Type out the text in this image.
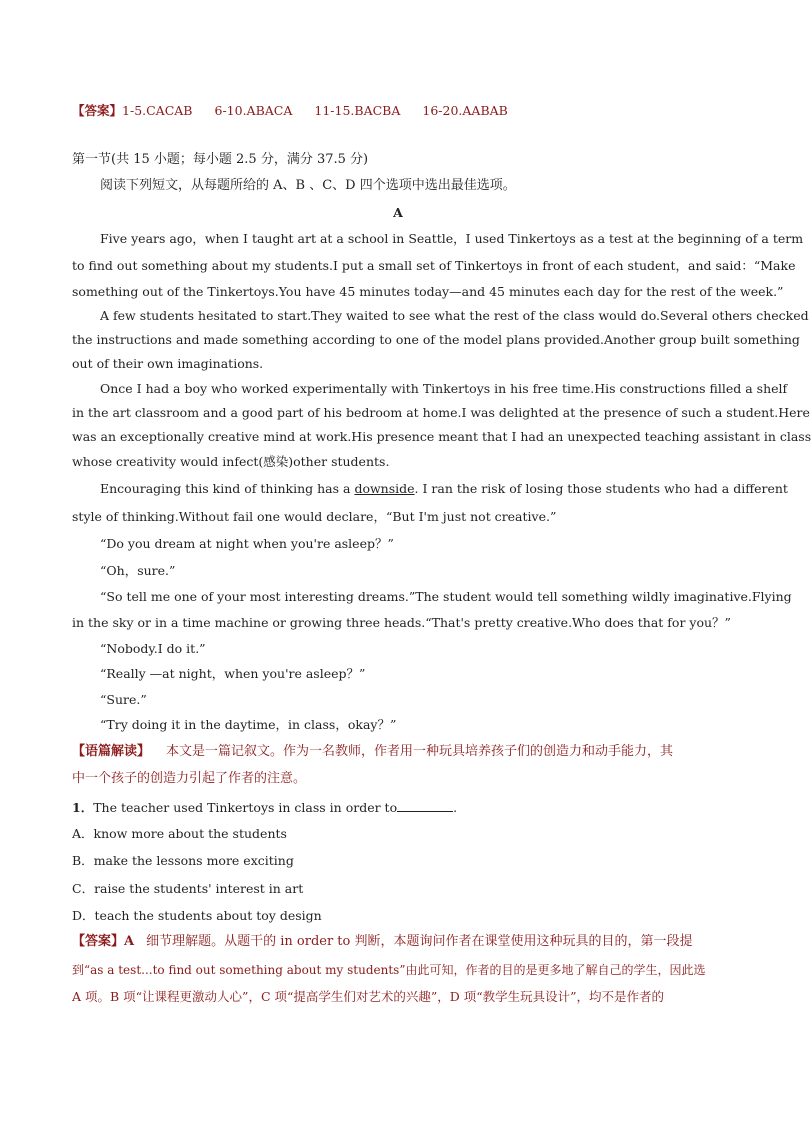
【答案】1-5.CACAB 6-10.ABACA 11-15.BACBA 16-20.AABAB
第一节(共 15 小题；每小题 2.5 分，满分 37.5 分)
阅读下列短文，从每题所给的 A、B 、C、D 四个选项中选出最佳选项。
A
Five years ago，when I taught art at a school in Seattle，I used Tinkertoys as a test at the beginning of a term
to find out something about my students.I put a small set of Tinkertoys in front of each student，and said：“Make
something out of the Tinkertoys.You have 45 minutes today—and 45 minutes each day for the rest of the week.”
A few students hesitated to start.They waited to see what the rest of the class would do.Several others checked
the instructions and made something according to one of the model plans provided.Another group built something
out of their own imaginations.
Once I had a boy who worked experimentally with Tinkertoys in his free time.His constructions filled a shelf
in the art classroom and a good part of his bedroom at home.I was delighted at the presence of such a student.Here
was an exceptionally creative mind at work.His presence meant that I had an unexpected teaching assistant in class
whose creativity would infect(感染)other students.
Encouraging this kind of thinking has a downside. I ran the risk of losing those students who had a different
style of thinking.Without fail one would declare，“But I'm just not creative.”
“Do you dream at night when you're asleep？”
“Oh，sure.”
“So tell me one of your most interesting dreams.”The student would tell something wildly imaginative.Flying
in the sky or in a time machine or growing three heads.“That's pretty creative.Who does that for you？”
“Nobody.I do it.”
“Really —at night，when you're asleep？”
“Sure.”
“Try doing it in the daytime，in class，okay？”
【语篇解读】 本文是一篇记叙文。作为一名教师，作者用一种玩具培养孩子们的创造力和动手能力，其
中一个孩子的创造力引起了作者的注意。
1．The teacher used Tinkertoys in class in order to	.
A．know more about the students
B．make the lessons more exciting
C．raise the students' interest in art
D．teach the students about toy design
【答案】A 细节理解题。从题干的 in order to 判断，本题询问作者在课堂使用这种玩具的目的，第一段提
到“as a test...to find out something about my students”由此可知，作者的目的是更多地了解自己的学生，因此选
A 项。B 项“让课程更激动人心”，C 项“提高学生们对艺术的兴趣”，D 项“教学生玩具设计”，均不是作者的
